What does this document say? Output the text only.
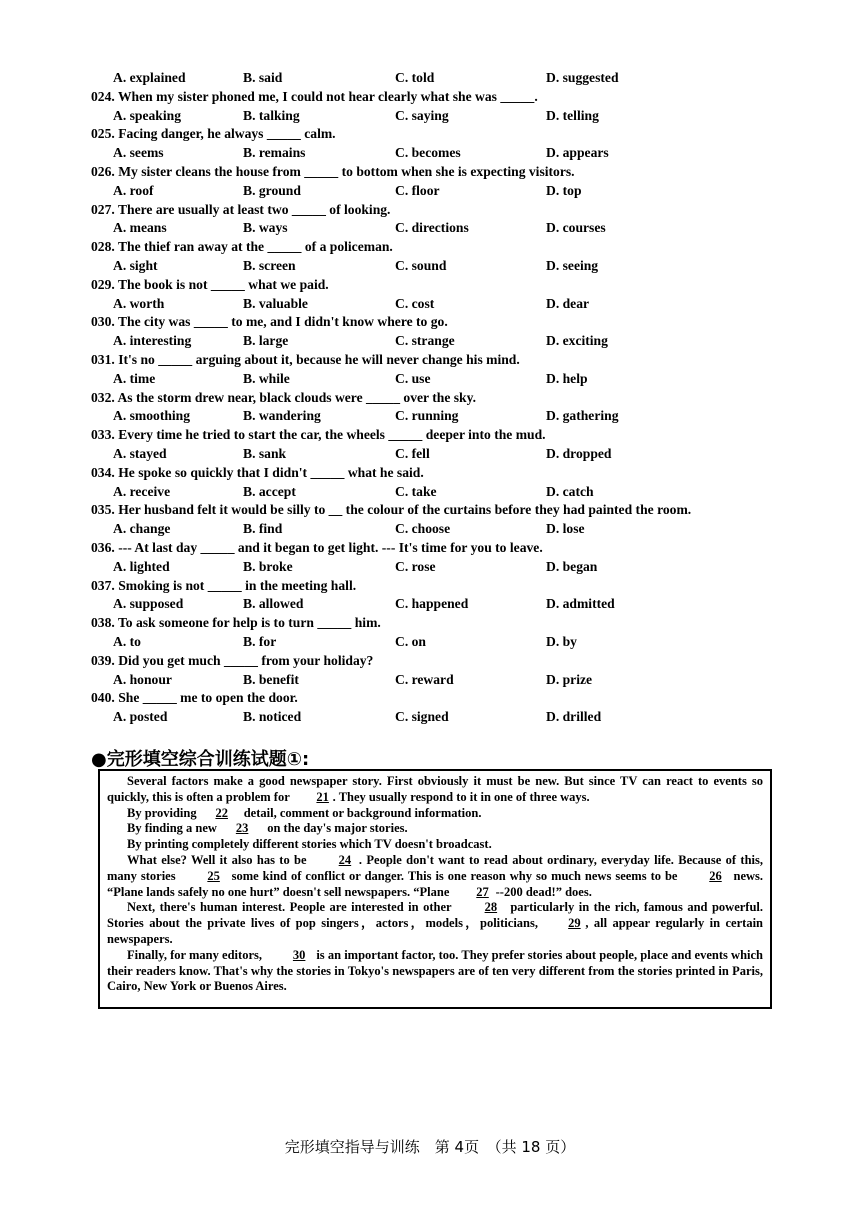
A. explained	B. said	C. told	D. suggested
024. When my sister phoned me, I could not hear clearly what she was _____.
A. speaking	B. talking	C. saying	D. telling
025. Facing danger, he always _____ calm.
A. seems	B. remains	C. becomes	D. appears
026. My sister cleans the house from _____ to bottom when she is expecting visitors.
A. roof	B. ground	C. floor	D. top
027. There are usually at least two _____ of looking.
A. means	B. ways	C. directions	D. courses
028. The thief ran away at the _____ of a policeman.
A. sight	B. screen	C. sound	D. seeing
029. The book is not _____ what we paid.
A. worth	B. valuable	C. cost	D. dear
030. The city was _____ to me, and I didn't know where to go.
A. interesting	B. large	C. strange	D. exciting
031. It's no _____ arguing about it, because he will never change his mind.
A. time	B. while	C. use	D. help
032. As the storm drew near, black clouds were _____ over the sky.
A. smoothing	B. wandering	C. running	D. gathering
033. Every time he tried to start the car, the wheels _____ deeper into the mud.
A. stayed	B. sank	C. fell	D. dropped
034. He spoke so quickly that I didn't _____ what he said.
A. receive	B. accept	C. take	D. catch
035. Her husband felt it would be silly to __ the colour of the curtains before they had painted the room.
A. change	B. find	C. choose	D. lose
036. --- At last day _____ and it began to get light. --- It's time for you to leave.
A. lighted	B. broke	C. rose	D. began
037. Smoking is not _____ in the meeting hall.
A. supposed	B. allowed	C. happened	D. admitted
038. To ask someone for help is to turn _____ him.
A. to	B. for	C. on	D. by
039. Did you get much _____ from your holiday?
A. honour	B. benefit	C. reward	D. prize
040. She _____ me to open the door.
A. posted	B. noticed	C. signed	D. drilled
●完形填空综合训练试题①:

Several factors make a good newspaper story. First obviously it must be new. But since TV can react to events so quickly, this is often a problem for 21 . They usually respond to it in one of three ways.

By providing 22 detail, comment or background information.

By finding a new 23 on the day's major stories.

By printing completely different stories which TV doesn't broadcast.

What else? Well it also has to be	24 . People don't want to read about ordinary, everyday life. Because of this, many stories	25 some kind of conflict or danger. This is one reason why so much news seems to be	26 news. “Plane lands safely no one hurt” doesn't sell newspapers. “Plane 27 --200 dead!” does.

Next, there's human interest. People are interested in other	28 particularly in the rich, famous and powerful. Stories about the private lives of pop singers，actors，models，politicians, 29 , all appear regularly in certain newspapers.

Finally, for many editors, 30 is an important factor, too. They prefer stories about people, place and events which their readers know. That's why the stories in Tokyo's newspapers are of ten very different from the stories printed in Paris, Cairo, New York or Buenos Aires.

完形填空指导与训练　第 4页　（共 18 页）
